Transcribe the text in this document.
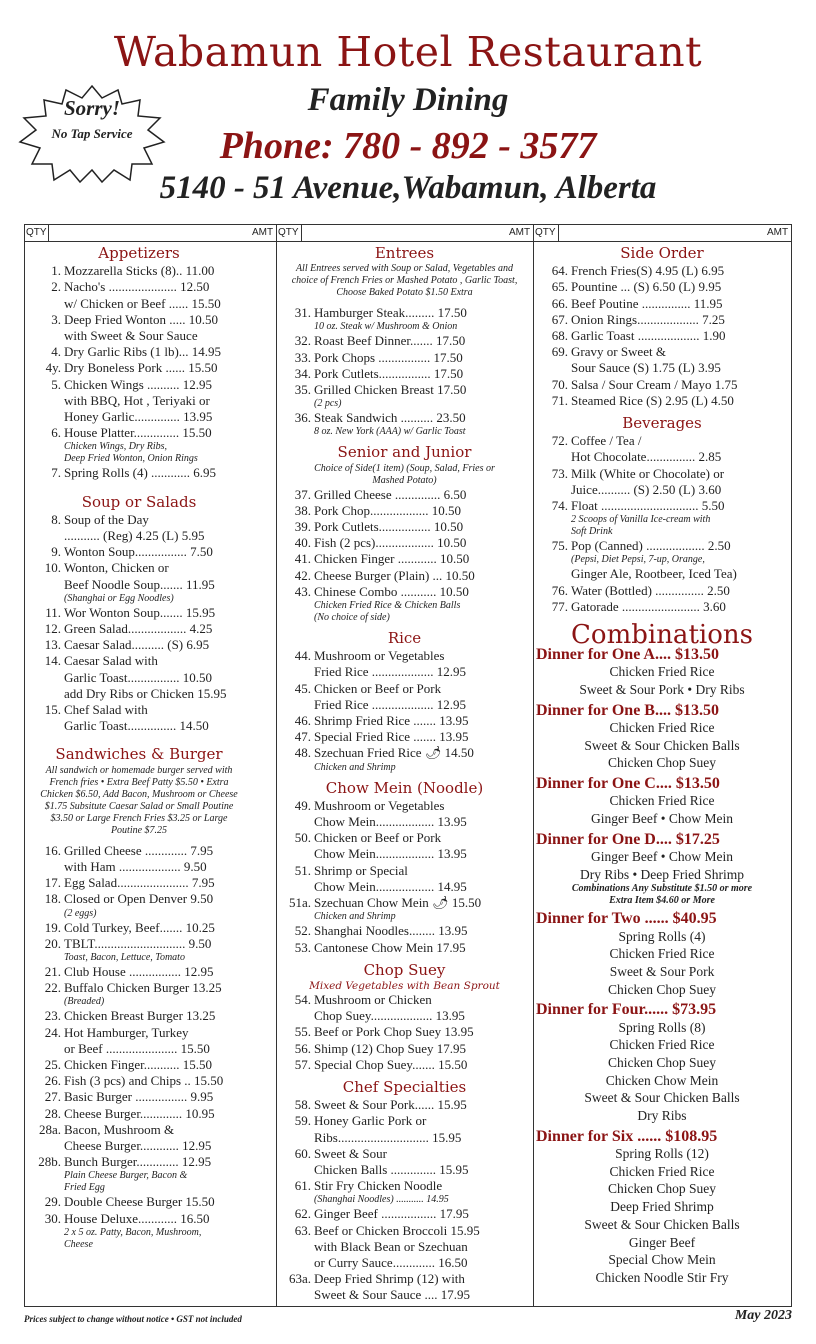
Wabamun Hotel Restaurant
Family Dining
Phone: 780 - 892 - 3577
5140 - 51 Avenue,Wabamun, Alberta
Sorry!
No Tap Service
QTY	AMT QTY	AMT QTY	AMT
Appetizers
1. Mozzarella Sticks (8).. 11.00
2. Nacho's ..................... 12.50
w/ Chicken or Beef ...... 15.50
3. Deep Fried Wonton ..... 10.50
with Sweet & Sour Sauce
4. Dry Garlic Ribs (1 lb)... 14.95
4y. Dry Boneless Pork ...... 15.50
5. Chicken Wings .......... 12.95
with BBQ, Hot , Teriyaki or
Honey Garlic.............. 13.95
6. House Platter.............. 15.50
Chicken Wings, Dry Ribs,
Deep Fried Wonton, Onion Rings
7. Spring Rolls (4) ............ 6.95
Soup or Salads
8. Soup of the Day
........... (Reg) 4.25 (L) 5.95
9. Wonton Soup................ 7.50
10. Wonton, Chicken or
Beef Noodle Soup....... 11.95
(Shanghai or Egg Noodles)
11. Wor Wonton Soup....... 15.95
12. Green Salad.................. 4.25
13. Caesar Salad.......... (S) 6.95
14. Caesar Salad with
Garlic Toast................ 10.50
add Dry Ribs or Chicken 15.95
15. Chef Salad with
Garlic Toast............... 14.50
Sandwiches & Burger
All sandwich or homemade burger served with French fries • Extra Beef Patty $5.50 • Extra Chicken $6.50, Add Bacon, Mushroom or Cheese $1.75 Subsitute Caesar Salad or Small Poutine $3.50 or Large French Fries $3.25 or Large Poutine $7.25
16. Grilled Cheese ............. 7.95
with Ham ................... 9.50
17. Egg Salad...................... 7.95
18. Closed or Open Denver 9.50
(2 eggs)
19. Cold Turkey, Beef....... 10.25
20. TBLT............................ 9.50
Toast, Bacon, Lettuce, Tomato
21. Club House ................ 12.95
22. Buffalo Chicken Burger 13.25
(Breaded)
23. Chicken Breast Burger 13.25
24. Hot Hamburger, Turkey
or Beef ...................... 15.50
25. Chicken Finger........... 15.50
26. Fish (3 pcs) and Chips .. 15.50
27. Basic Burger ................ 9.95
28. Cheese Burger............. 10.95
28a. Bacon, Mushroom &
Cheese Burger............ 12.95
28b. Bunch Burger............. 12.95
Plain Cheese Burger, Bacon &
Fried Egg
29. Double Cheese Burger 15.50
30. House Deluxe............ 16.50
2 x 5 oz. Patty, Bacon, Mushroom,
Cheese
Entrees
All Entrees served with Soup or Salad, Vegetables and choice of French Fries or Mashed Potato , Garlic Toast, Choose Baked Potato $1.50 Extra
31. Hamburger Steak......... 17.50
10 oz. Steak w/ Mushroom & Onion
32. Roast Beef Dinner....... 17.50
33. Pork Chops ................ 17.50
34. Pork Cutlets................ 17.50
35. Grilled Chicken Breast 17.50
(2 pcs)
36. Steak Sandwich .......... 23.50
8 oz. New York (AAA) w/ Garlic Toast
Senior and Junior
Choice of Side(1 item) (Soup, Salad, Fries or Mashed Potato)
37. Grilled Cheese .............. 6.50
38. Pork Chop.................. 10.50
39. Pork Cutlets................ 10.50
40. Fish (2 pcs).................. 10.50
41. Chicken Finger ............ 10.50
42. Cheese Burger (Plain) ... 10.50
43. Chinese Combo ........... 10.50
Chicken Fried Rice & Chicken Balls
(No choice of side)
Rice
44. Mushroom or Vegetables
Fried Rice ................... 12.95
45. Chicken or Beef or Pork
Fried Rice ................... 12.95
46. Shrimp Fried Rice ....... 13.95
47. Special Fried Rice ....... 13.95
48. Szechuan Fried Rice 🌶 14.50
Chicken and Shrimp
Chow Mein (Noodle)
49. Mushroom or Vegetables
Chow Mein.................. 13.95
50. Chicken or Beef or Pork
Chow Mein.................. 13.95
51. Shrimp or Special
Chow Mein.................. 14.95
51a. Szechuan Chow Mein 🌶 15.50
Chicken and Shrimp
52. Shanghai Noodles........ 13.95
53. Cantonese Chow Mein 17.95
Chop Suey
Mixed Vegetables with Bean Sprout
54. Mushroom or Chicken
Chop Suey................... 13.95
55. Beef or Pork Chop Suey 13.95
56. Shimp (12) Chop Suey 17.95
57. Special Chop Suey....... 15.50
Chef Specialties
58. Sweet & Sour Pork...... 15.95
59. Honey Garlic Pork or
Ribs............................ 15.95
60. Sweet & Sour
Chicken Balls .............. 15.95
61. Stir Fry Chicken Noodle
(Shanghai Noodles) ........... 14.95
62. Ginger Beef ................. 17.95
63. Beef or Chicken Broccoli 15.95
with Black Bean or Szechuan
or Curry Sauce............. 16.50
63a. Deep Fried Shrimp (12) with
Sweet & Sour Sauce .... 17.95
Side Order
64. French Fries(S) 4.95 (L) 6.95
65. Pountine ... (S) 6.50 (L) 9.95
66. Beef Poutine ............... 11.95
67. Onion Rings................... 7.25
68. Garlic Toast ................... 1.90
69. Gravy or Sweet &
Sour Sauce (S) 1.75 (L) 3.95
70. Salsa / Sour Cream / Mayo 1.75
71. Steamed Rice (S) 2.95 (L) 4.50
Beverages
72. Coffee / Tea /
Hot Chocolate............... 2.85
73. Milk (White or Chocolate) or
Juice.......... (S) 2.50 (L) 3.60
74. Float .............................. 5.50
2 Scoops of Vanilla Ice-cream with
Soft Drink
75. Pop (Canned) .................. 2.50
(Pepsi, Diet Pepsi, 7-up, Orange,
Ginger Ale, Rootbeer, Iced Tea)
76. Water (Bottled) ............... 2.50
77. Gatorade ........................ 3.60
Combinations
Dinner for One A.... $13.50
Chicken Fried Rice
Sweet & Sour Pork • Dry Ribs
Dinner for One B.... $13.50
Chicken Fried Rice
Sweet & Sour Chicken Balls
Chicken Chop Suey
Dinner for One C.... $13.50
Chicken Fried Rice
Ginger Beef • Chow Mein
Dinner for One D.... $17.25
Ginger Beef • Chow Mein
Dry Ribs • Deep Fried Shrimp
Combinations Any Substitute $1.50 or more
Extra Item $4.60 or More
Dinner for Two ...... $40.95
Spring Rolls (4)
Chicken Fried Rice
Sweet & Sour Pork
Chicken Chop Suey
Dinner for Four...... $73.95
Spring Rolls (8)
Chicken Fried Rice
Chicken Chop Suey
Chicken Chow Mein
Sweet & Sour Chicken Balls
Dry Ribs
Dinner for Six ...... $108.95
Spring Rolls (12)
Chicken Fried Rice
Chicken Chop Suey
Deep Fried Shrimp
Sweet & Sour Chicken Balls
Ginger Beef
Special Chow Mein
Chicken Noodle Stir Fry
Prices subject to change without notice • GST not included	May 2023
